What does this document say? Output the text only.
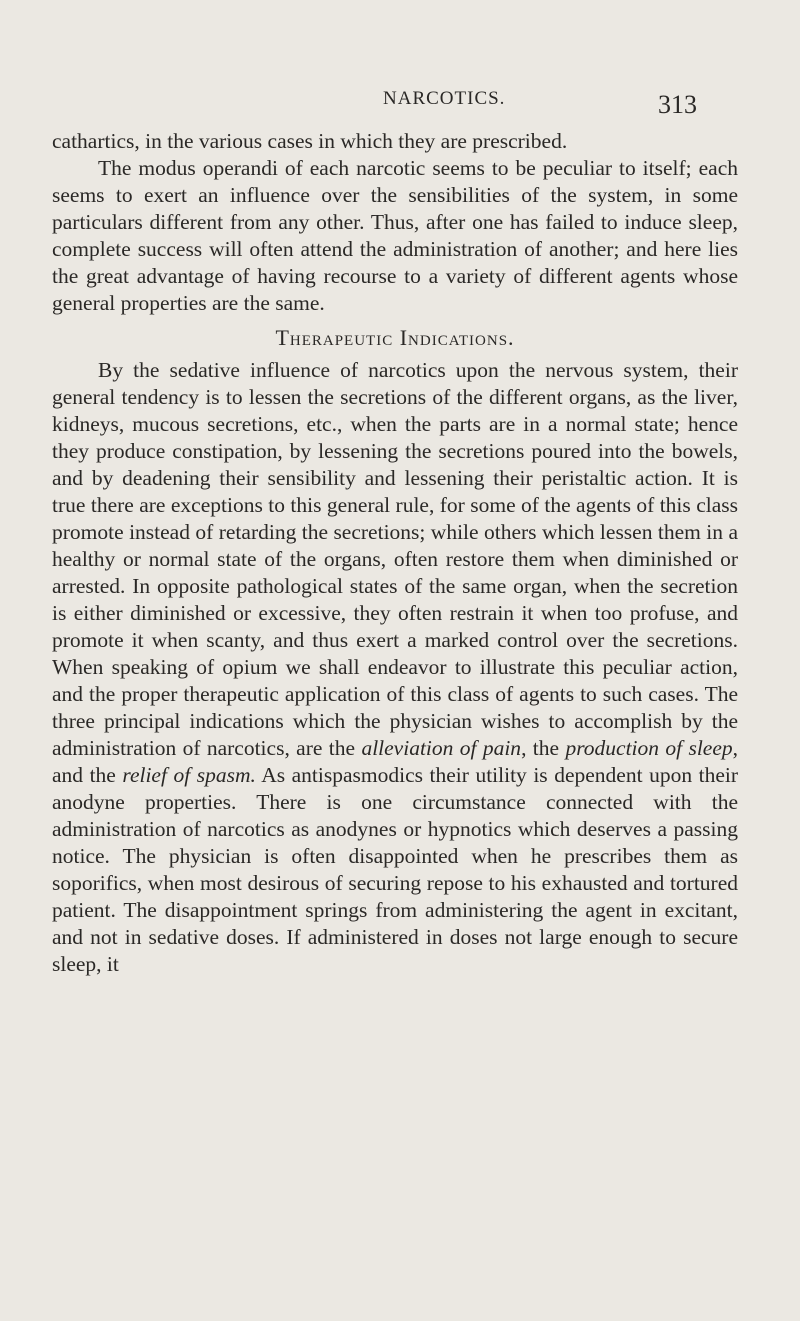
NARCOTICS.	313

cathartics, in the various cases in which they are prescribed.

The modus operandi of each narcotic seems to be peculiar to itself; each seems to exert an influence over the sensibilities of the system, in some particulars different from any other. Thus, after one has failed to induce sleep, complete success will often attend the administration of another; and here lies the great advantage of having recourse to a variety of different agents whose general properties are the same.

Therapeutic Indications.

By the sedative influence of narcotics upon the nervous system, their general tendency is to lessen the secretions of the different organs, as the liver, kidneys, mucous secretions, etc., when the parts are in a normal state; hence they produce constipation, by lessening the secretions poured into the bowels, and by deadening their sensibility and lessening their peristaltic action. It is true there are exceptions to this general rule, for some of the agents of this class promote instead of retarding the secretions; while others which lessen them in a healthy or normal state of the organs, often restore them when diminished or arrested. In opposite pathological states of the same organ, when the secretion is either diminished or excessive, they often restrain it when too profuse, and promote it when scanty, and thus exert a marked control over the secretions. When speaking of opium we shall endeavor to illustrate this peculiar action, and the proper therapeutic application of this class of agents to such cases. The three principal indications which the physician wishes to accomplish by the administration of narcotics, are the alleviation of pain, the production of sleep, and the relief of spasm. As antispasmodics their utility is dependent upon their anodyne properties. There is one circumstance connected with the administration of narcotics as anodynes or hypnotics which deserves a passing notice. The physician is often disappointed when he prescribes them as soporifics, when most desirous of securing repose to his exhausted and tortured patient. The disappointment springs from administering the agent in excitant, and not in sedative doses. If administered in doses not large enough to secure sleep, it
